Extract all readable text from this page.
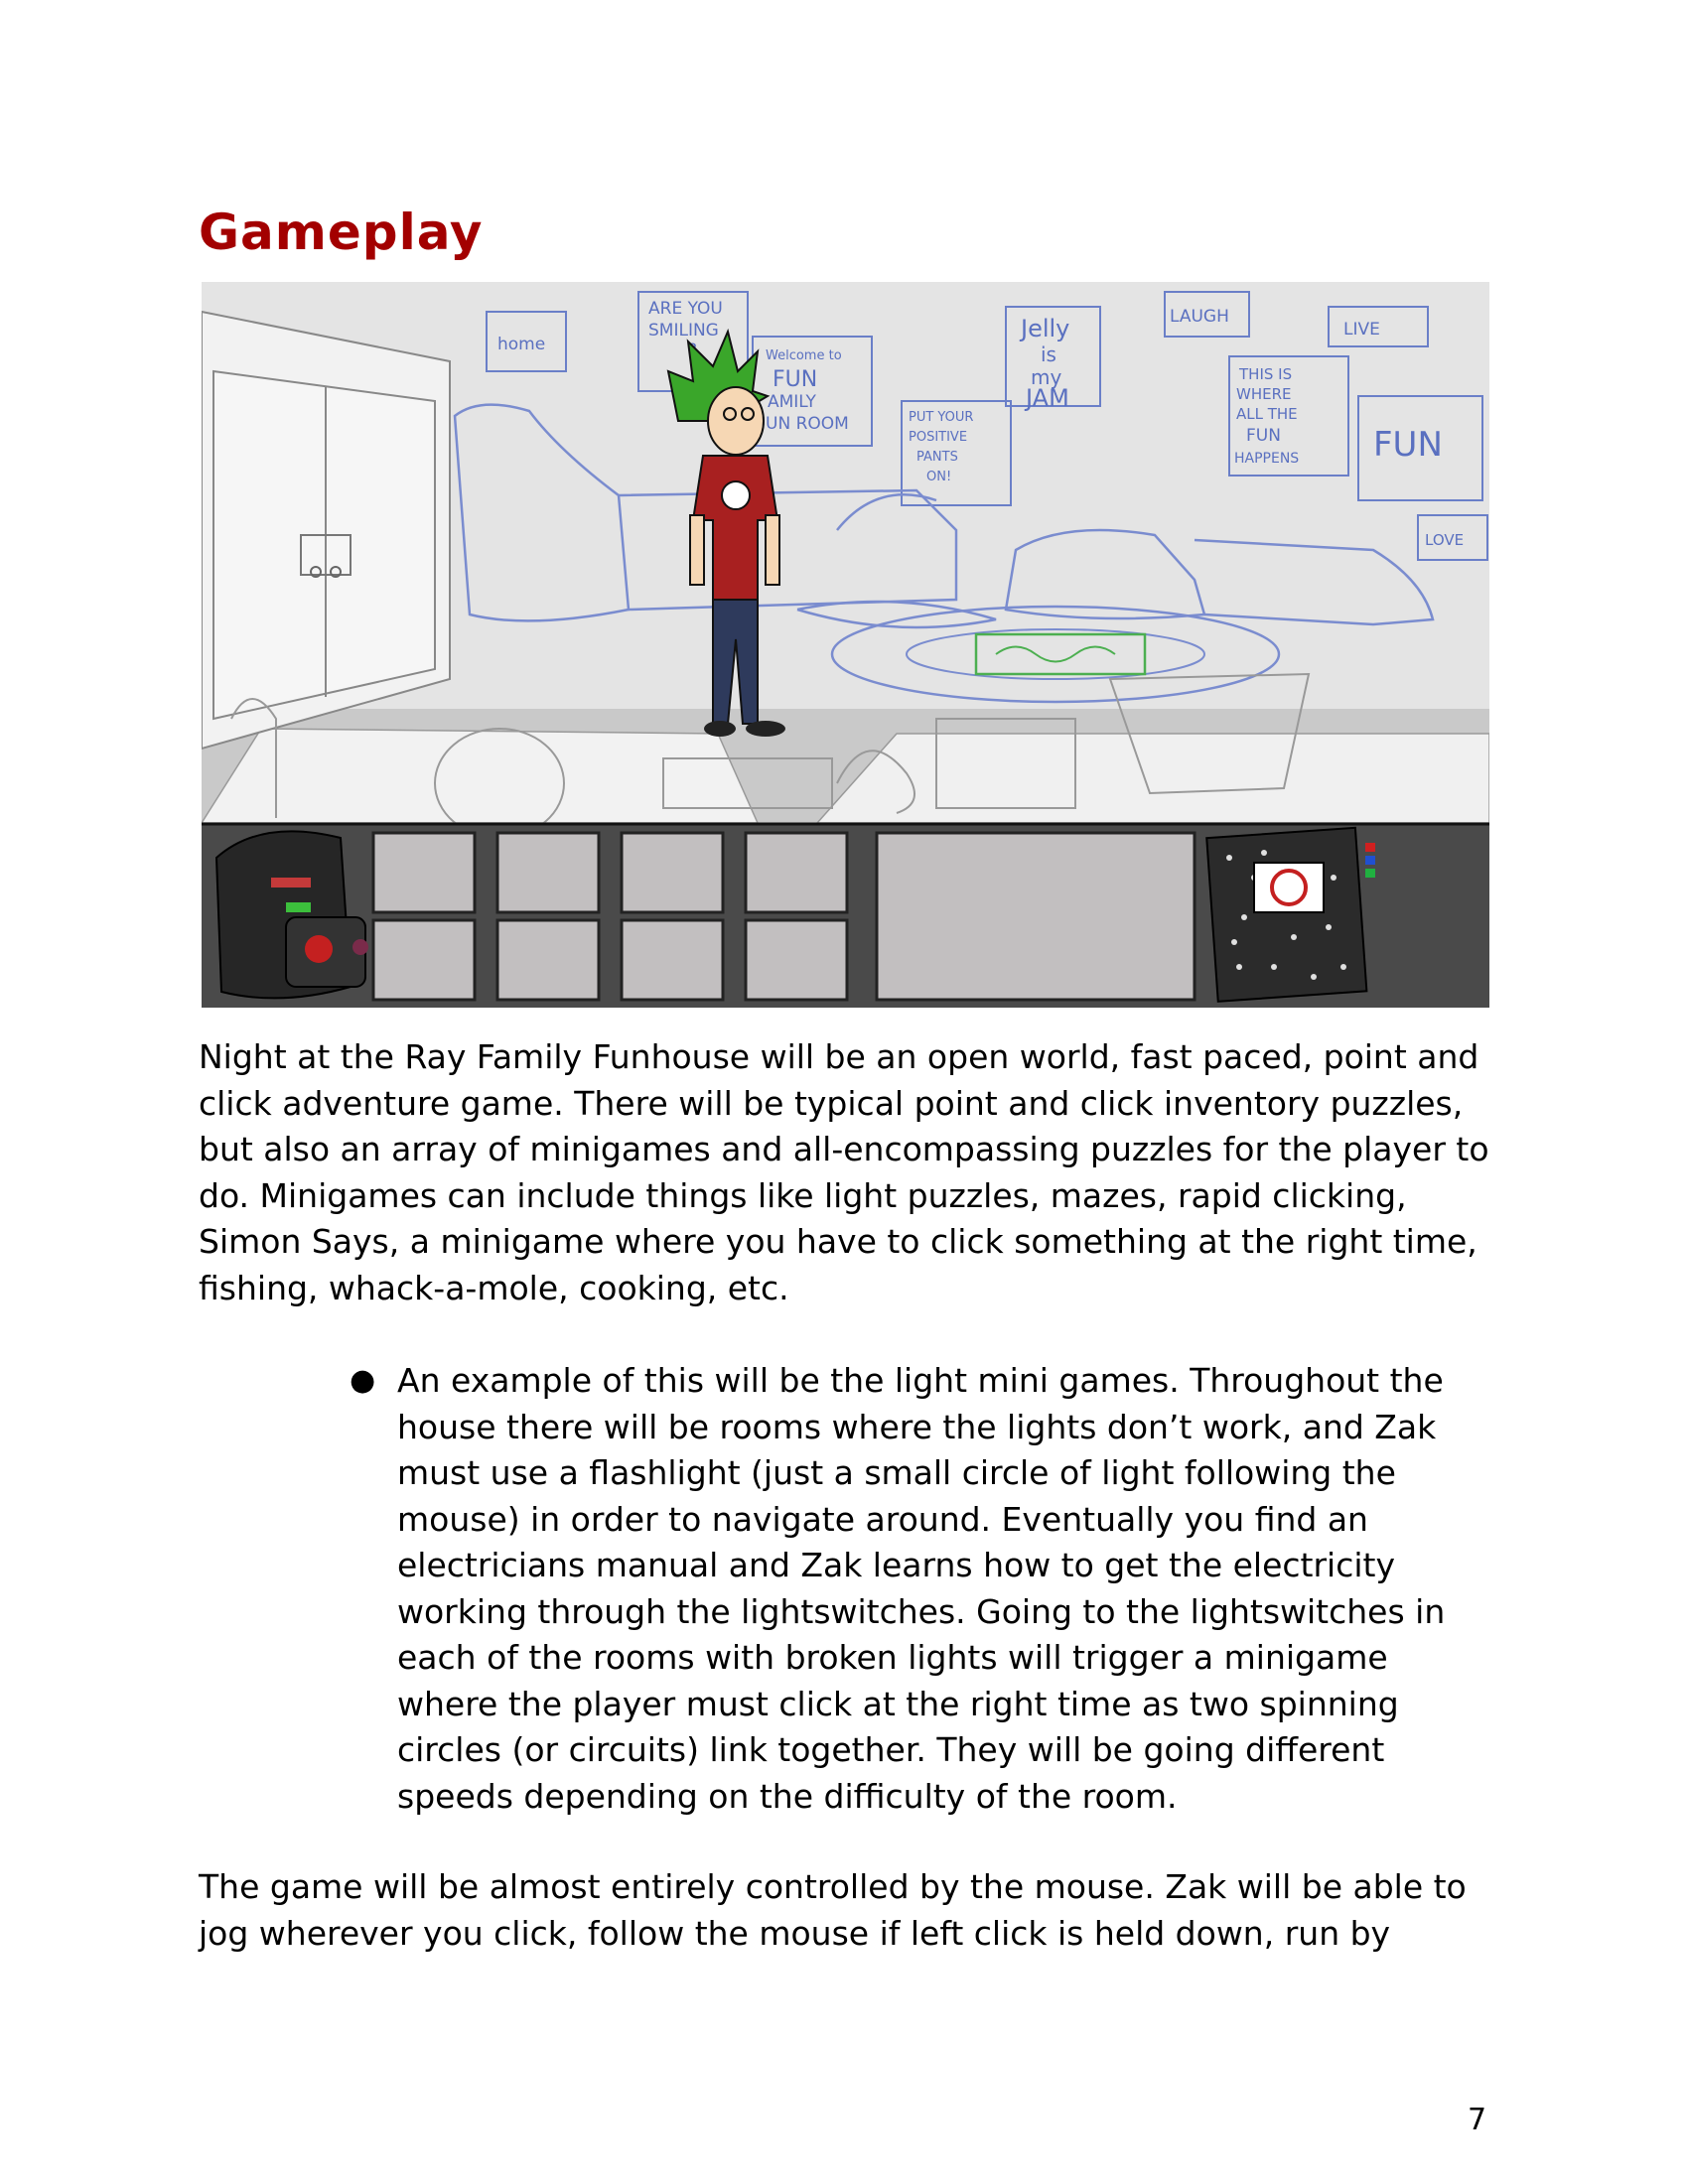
Gameplay
home
ARE YOU
SMILING
Welcome to
FUN
AMILY
UN ROOM	PUT YOUR
POSITIVE
PANTS
ON!
Jelly
is
my
JAM
LAUGH
LIVE
THIS IS
WHERE
ALL THE
FUN
HAPPENS FUN
LOVE

Night at the Ray Family Funhouse will be an open world, fast paced, point and click adventure game. There will be typical point and click inventory puzzles, but also an array of minigames and all-encompassing puzzles for the player to do. Minigames can include things like light puzzles, mazes, rapid clicking, Simon Says, a minigame where you have to click something at the right time, fishing, whack-a-mole, cooking, etc.

● An example of this will be the light mini games. Throughout the house there will be rooms where the lights don’t work, and Zak must use a flashlight (just a small circle of light following the mouse) in order to navigate around. Eventually you find an electricians manual and Zak learns how to get the electricity working through the lightswitches. Going to the lightswitches in each of the rooms with broken lights will trigger a minigame where the player must click at the right time as two spinning circles (or circuits) link together. They will be going different speeds depending on the difficulty of the room.

The game will be almost entirely controlled by the mouse. Zak will be able to jog wherever you click, follow the mouse if left click is held down, run by

7
